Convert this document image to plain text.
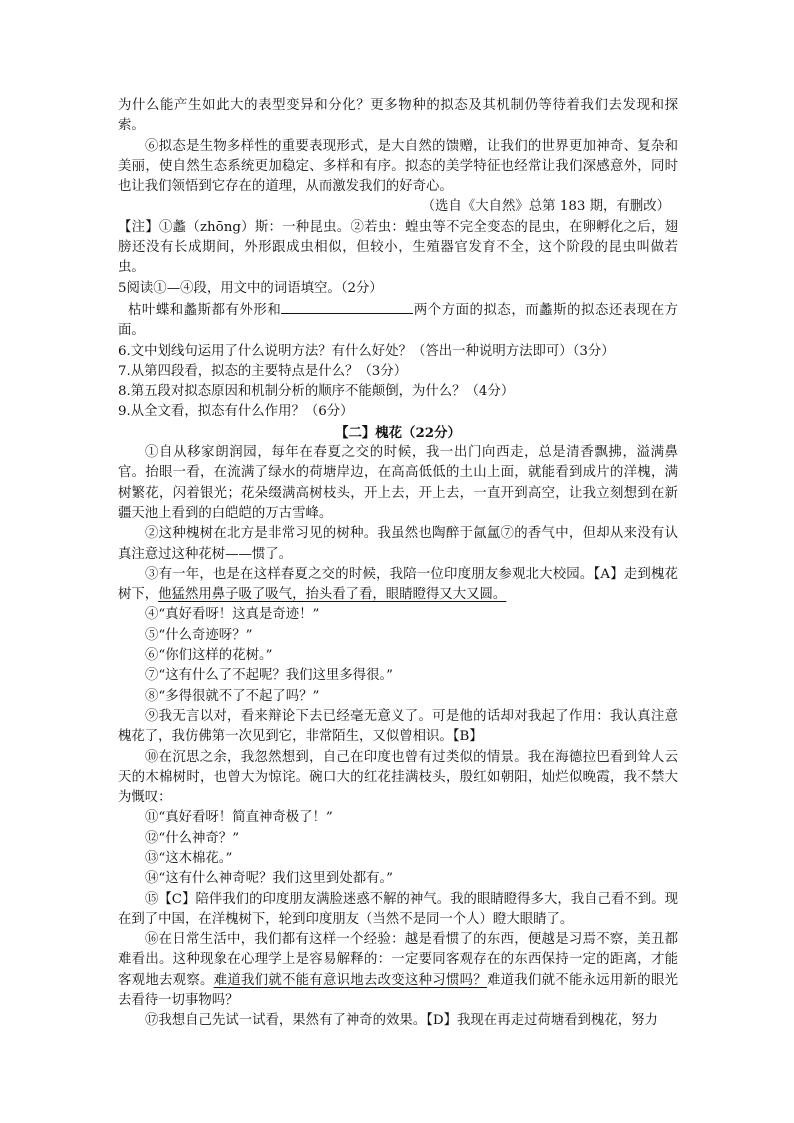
为什么能产生如此大的表型变异和分化？更多物种的拟态及其机制仍等待着我们去发现和探索。

⑥拟态是生物多样性的重要表现形式，是大自然的馈赠，让我们的世界更加神奇、复杂和美丽，使自然生态系统更加稳定、多样和有序。拟态的美学特征也经常让我们深感意外，同时也让我们领悟到它存在的道理，从而激发我们的好奇心。

（选自《大自然》总第 183 期，有删改）

【注】①蠡（zhōng）斯：一种昆虫。②若虫：蝗虫等不完全变态的昆虫，在卵孵化之后，翅膀还没有长成期间，外形跟成虫相似，但较小，生殖器官发育不全，这个阶段的昆虫叫做若虫。

5阅读①—④段，用文中的词语填空。（2分）

枯叶蝶和蠡斯都有外形和	两个方面的拟态，而蠡斯的拟态还表现在方面。

6.文中划线句运用了什么说明方法？有什么好处？（答出一种说明方法即可）（3分）

7.从第四段看，拟态的主要特点是什么？（3分）

8.第五段对拟态原因和机制分析的顺序不能颠倒，为什么？（4分）

9.从全文看，拟态有什么作用？（6分）

【二】槐花（22分）

①自从移家朗润园，每年在春夏之交的时候，我一出门向西走，总是清香飘拂，溢满鼻官。抬眼一看，在流满了绿水的荷塘岸边，在高高低低的土山上面，就能看到成片的洋槐，满树繁花，闪着银光；花朵缀满高树枝头，开上去，开上去，一直开到高空，让我立刻想到在新疆天池上看到的白皑皑的万古雪峰。

②这种槐树在北方是非常习见的树种。我虽然也陶醉于氤氲⑦的香气中，但却从来没有认真注意过这种花树——惯了。

③有一年，也是在这样春夏之交的时候，我陪一位印度朋友参观北大校园。【A】走到槐花树下，他猛然用鼻子吸了吸气，抬头看了看，眼睛瞪得又大又圆。

④“真好看呀！这真是奇迹！”

⑤“什么奇迹呀？”

⑥“你们这样的花树。”

⑦“这有什么了不起呢？我们这里多得很。”

⑧“多得很就不了不起了吗？”

⑨我无言以对，看来辩论下去已经毫无意义了。可是他的话却对我起了作用：我认真注意槐花了，我仿佛第一次见到它，非常陌生，又似曾相识。【B】

⑩在沉思之余，我忽然想到，自己在印度也曾有过类似的情景。我在海德拉巴看到耸人云天的木棉树时，也曾大为惊诧。碗口大的红花挂满枝头，殷红如朝阳，灿烂似晚霞，我不禁大为慨叹：

⑪“真好看呀！简直神奇极了！”

⑫“什么神奇？”

⑬“这木棉花。”

⑭“这有什么神奇呢？我们这里到处都有。”

⑮【C】陪伴我们的印度朋友满脸迷惑不解的神气。我的眼睛瞪得多大，我自己看不到。现在到了中国，在洋槐树下，轮到印度朋友（当然不是同一个人）瞪大眼睛了。

⑯在日常生活中，我们都有这样一个经验：越是看惯了的东西，便越是习焉不察，美丑都难看出。这种现象在心理学上是容易解释的：一定要同客观存在的东西保持一定的距离，才能客观地去观察。难道我们就不能有意识地去改变这种习惯吗？难道我们就不能永远用新的眼光去看待一切事物吗？

⑰我想自己先试一试看，果然有了神奇的效果。【D】我现在再走过荷塘看到槐花，努力
